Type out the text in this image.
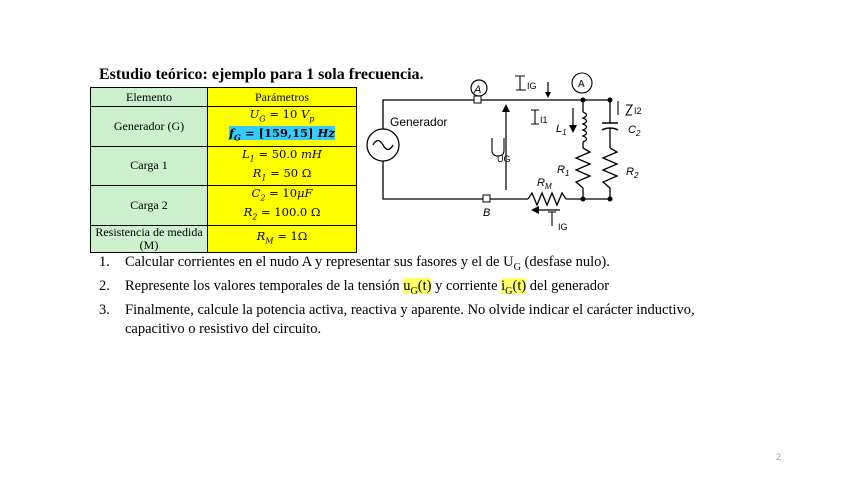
Estudio teórico: ejemplo para 1 sola frecuencia.
Elemento	Parámetros
Generador (G)	$U_G = 10$ $V_p$
$f_G = [159,15]$ Hz

Carga 1	$L_1 = 50.0$ mH
$R_1 = 50$ Ω

Carga 2	$C_2 = 10\mu F$
$R_2 = 100.0$ Ω

Resistencia de medida (M)	$R_M = 1\Omega$
Generador
A
B
$L_1$
$R_1$
$C_2$
$R_2$
$R_M$
IG	A
I1
I2
UG
IG
1. Calcular corrientes en el nudo A y representar sus fasores y el de $U_G$ (desfase nulo).
2. Represente los valores temporales de la tensión $u_G(t)$ y corriente $i_G(t)$ del generador
3. Finalmente, calcule la potencia activa, reactiva y aparente. No olvide indicar el carácter inductivo, capacitivo o resistivo del circuito.
2
